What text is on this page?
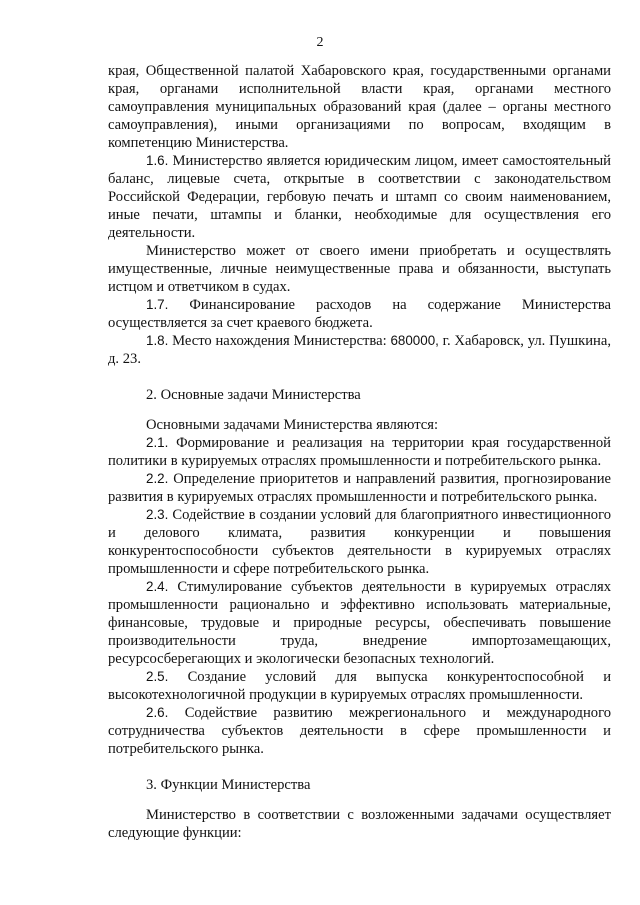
2

края, Общественной палатой Хабаровского края, государственными органами края, органами исполнительной власти края, органами местного самоуправления муниципальных образований края (далее – органы местного самоуправления), иными организациями по вопросам, входящим в компетенцию Министерства.

1.6. Министерство является юридическим лицом, имеет самостоятельный баланс, лицевые счета, открытые в соответствии с законодательством Российской Федерации, гербовую печать и штамп со своим наименованием, иные печати, штампы и бланки, необходимые для осуществления его деятельности.

Министерство может от своего имени приобретать и осуществлять имущественные, личные неимущественные права и обязанности, выступать истцом и ответчиком в судах.

1.7. Финансирование расходов на содержание Министерства осуществляется за счет краевого бюджета.

1.8. Место нахождения Министерства: 680000, г. Хабаровск, ул. Пушкина, д. 23.

2. Основные задачи Министерства

Основными задачами Министерства являются:

2.1. Формирование и реализация на территории края государственной политики в курируемых отраслях промышленности и потребительского рынка.

2.2. Определение приоритетов и направлений развития, прогнозирование развития в курируемых отраслях промышленности и потребительского рынка.

2.3. Содействие в создании условий для благоприятного инвестиционного и делового климата, развития конкуренции и повышения конкурентоспособности субъектов деятельности в курируемых отраслях промышленности и сфере потребительского рынка.

2.4. Стимулирование субъектов деятельности в курируемых отраслях промышленности рационально и эффективно использовать материальные, финансовые, трудовые и природные ресурсы, обеспечивать повышение производительности труда, внедрение импортозамещающих, ресурсосберегающих и экологически безопасных технологий.

2.5. Создание условий для выпуска конкурентоспособной и высокотехнологичной продукции в курируемых отраслях промышленности.

2.6. Содействие развитию межрегионального и международного сотрудничества субъектов деятельности в сфере промышленности и потребительского рынка.

3. Функции Министерства

Министерство в соответствии с возложенными задачами осуществляет следующие функции:
